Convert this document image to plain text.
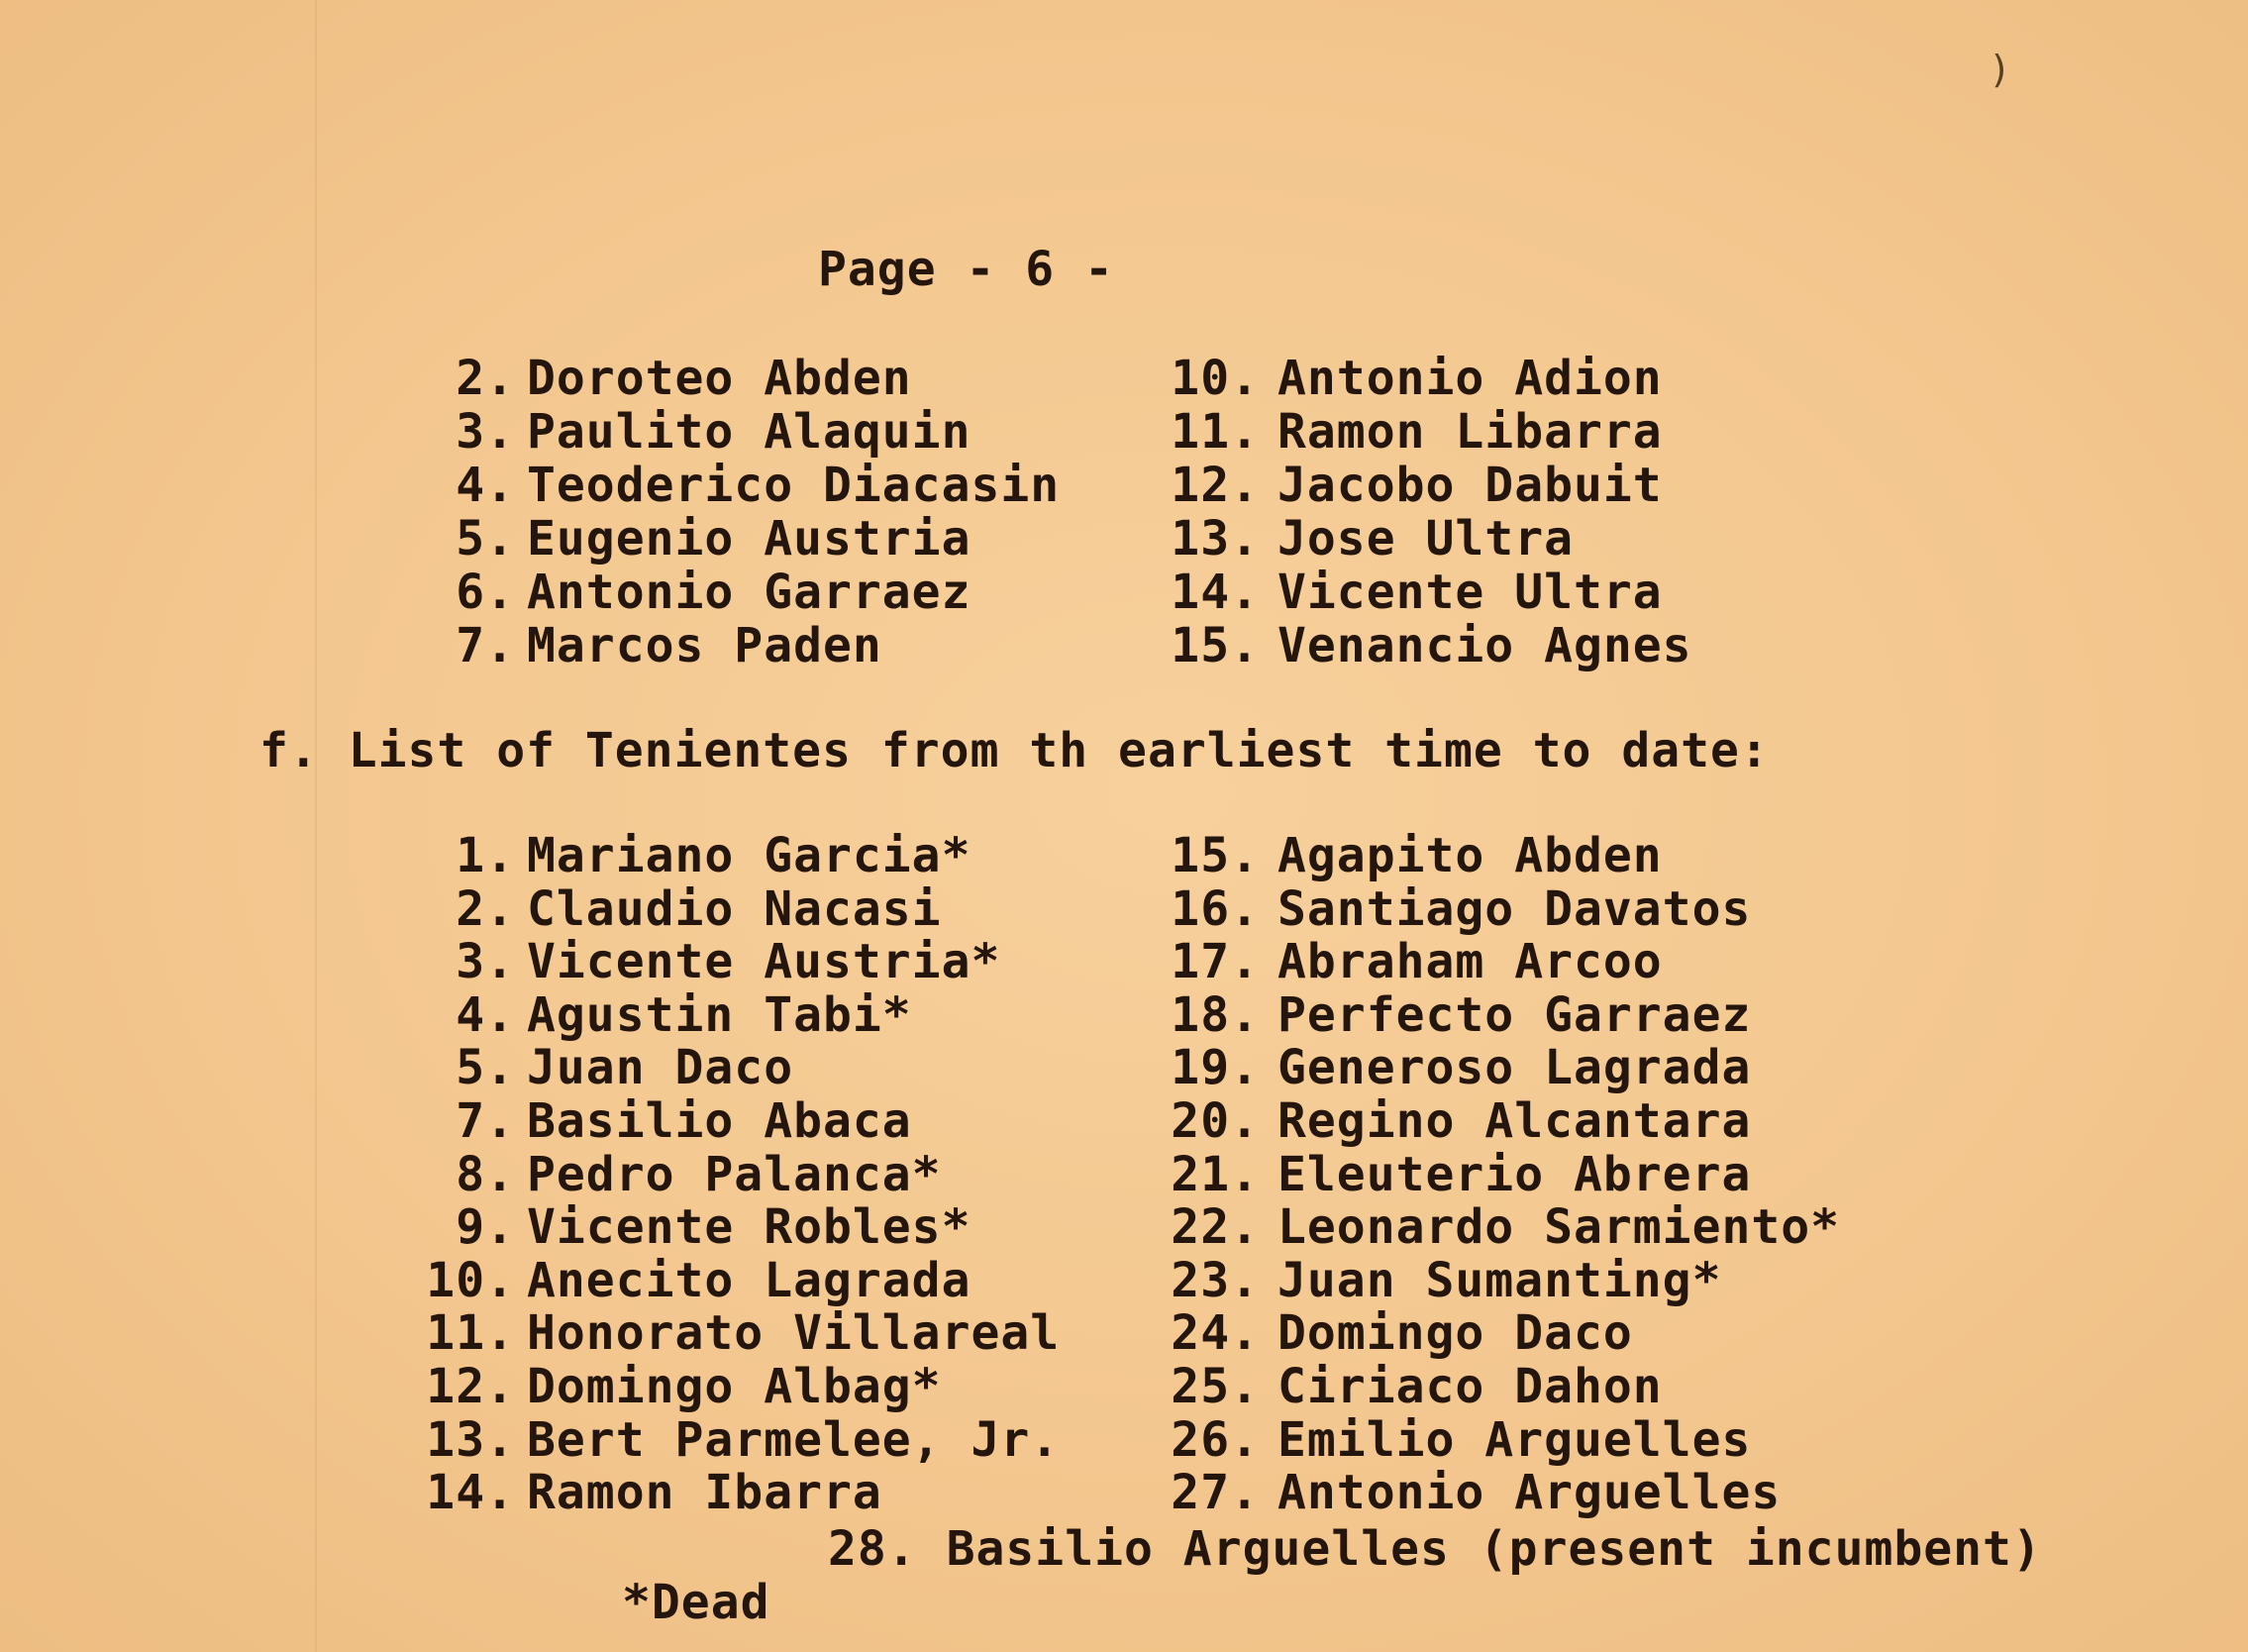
)
Page - 6 -
2. Doroteo Abden
3. Paulito Alaquin
4. Teoderico Diacasin
5. Eugenio Austria
6. Antonio Garraez
7. Marcos Paden
10. Antonio Adion
11. Ramon Libarra
12. Jacobo Dabuit
13. Jose Ultra
14. Vicente Ultra
15. Venancio Agnes
f. List of Tenientes from th earliest time to date:
1. Mariano Garcia*
2. Claudio Nacasi
3. Vicente Austria*
4. Agustin Tabi*
5. Juan Daco
7. Basilio Abaca
8. Pedro Palanca*
9. Vicente Robles*
10. Anecito Lagrada
11. Honorato Villareal
12. Domingo Albag*
13. Bert Parmelee, Jr.
14. Ramon Ibarra
15. Agapito Abden
16. Santiago Davatos
17. Abraham Arcoo
18. Perfecto Garraez
19. Generoso Lagrada
20. Regino Alcantara
21. Eleuterio Abrera
22. Leonardo Sarmiento*
23. Juan Sumanting*
24. Domingo Daco
25. Ciriaco Dahon
26. Emilio Arguelles
27. Antonio Arguelles
28. Basilio Arguelles (present incumbent)
*Dead
